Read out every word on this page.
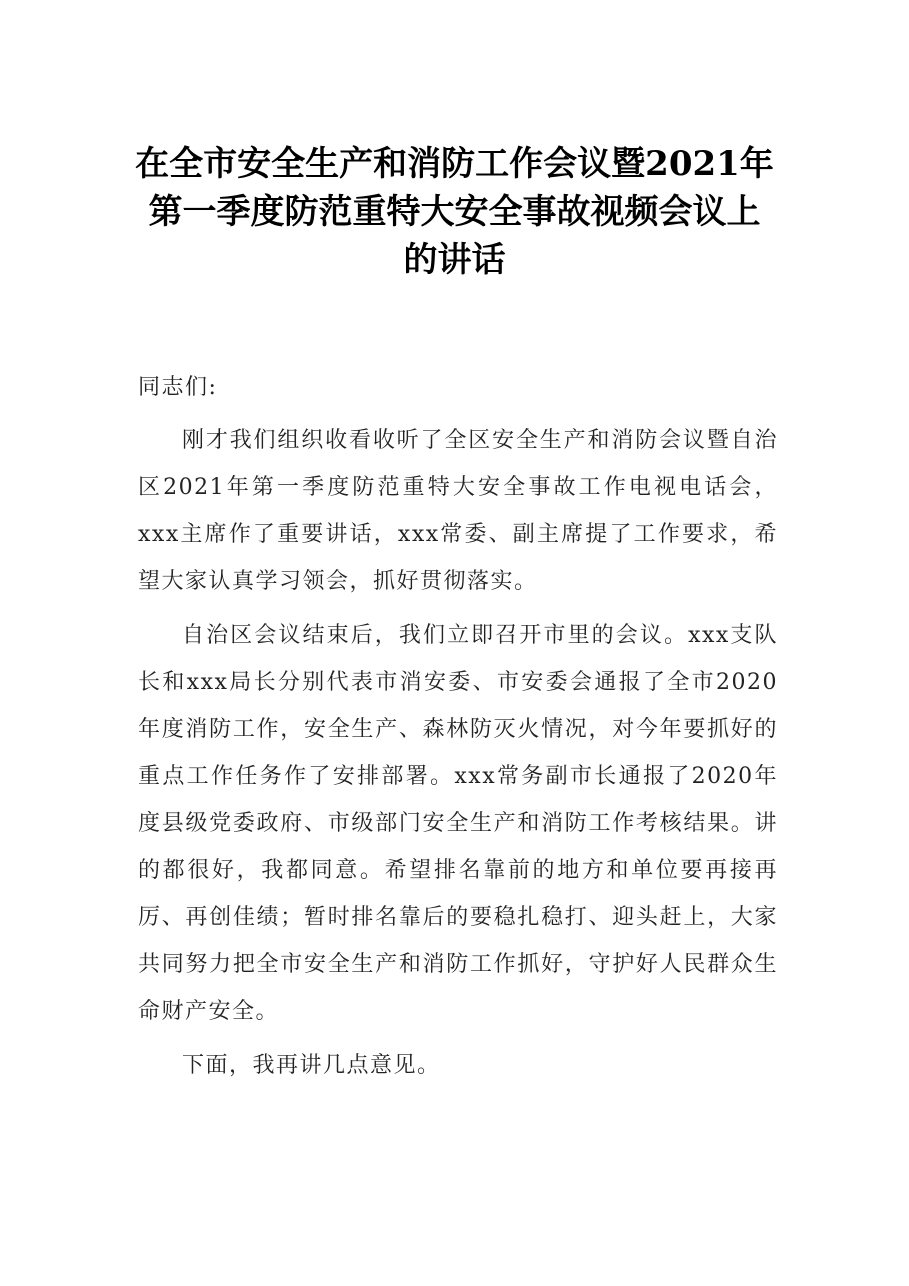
在全市安全生产和消防工作会议暨2021年
第一季度防范重特大安全事故视频会议上
的讲话

同志们:

刚才我们组织收看收听了全区安全生产和消防会议暨自治区2021年第一季度防范重特大安全事故工作电视电话会，xxx主席作了重要讲话，xxx常委、副主席提了工作要求，希望大家认真学习领会，抓好贯彻落实。

自治区会议结束后，我们立即召开市里的会议。xxx支队长和xxx局长分别代表市消安委、市安委会通报了全市2020年度消防工作，安全生产、森林防灭火情况，对今年要抓好的重点工作任务作了安排部署。xxx常务副市长通报了2020年度县级党委政府、市级部门安全生产和消防工作考核结果。讲的都很好，我都同意。希望排名靠前的地方和单位要再接再厉、再创佳绩；暂时排名靠后的要稳扎稳打、迎头赶上，大家共同努力把全市安全生产和消防工作抓好，守护好人民群众生命财产安全。

下面，我再讲几点意见。
